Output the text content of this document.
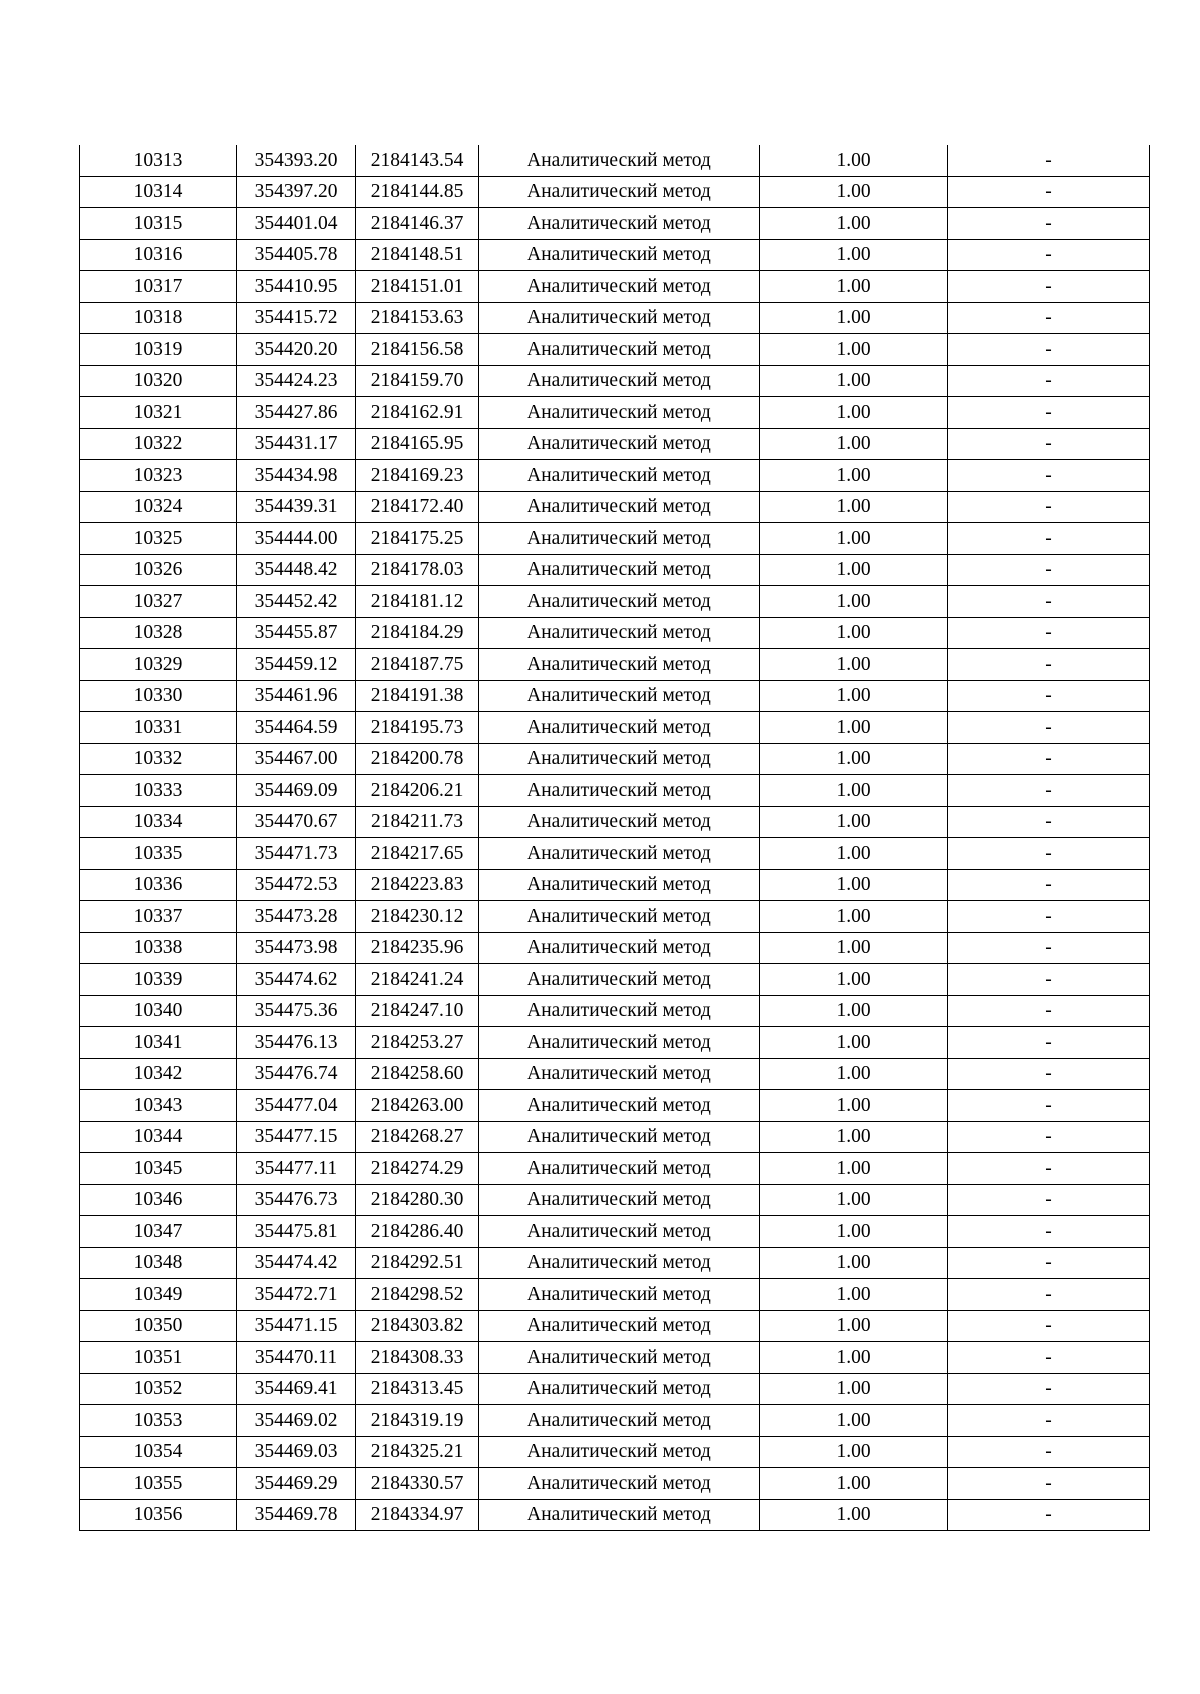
10313	354393.20	2184143.54	Аналитический метод	1.00	-
10314	354397.20	2184144.85	Аналитический метод	1.00	-
10315	354401.04	2184146.37	Аналитический метод	1.00	-
10316	354405.78	2184148.51	Аналитический метод	1.00	-
10317	354410.95	2184151.01	Аналитический метод	1.00	-
10318	354415.72	2184153.63	Аналитический метод	1.00	-
10319	354420.20	2184156.58	Аналитический метод	1.00	-
10320	354424.23	2184159.70	Аналитический метод	1.00	-
10321	354427.86	2184162.91	Аналитический метод	1.00	-
10322	354431.17	2184165.95	Аналитический метод	1.00	-
10323	354434.98	2184169.23	Аналитический метод	1.00	-
10324	354439.31	2184172.40	Аналитический метод	1.00	-
10325	354444.00	2184175.25	Аналитический метод	1.00	-
10326	354448.42	2184178.03	Аналитический метод	1.00	-
10327	354452.42	2184181.12	Аналитический метод	1.00	-
10328	354455.87	2184184.29	Аналитический метод	1.00	-
10329	354459.12	2184187.75	Аналитический метод	1.00	-
10330	354461.96	2184191.38	Аналитический метод	1.00	-
10331	354464.59	2184195.73	Аналитический метод	1.00	-
10332	354467.00	2184200.78	Аналитический метод	1.00	-
10333	354469.09	2184206.21	Аналитический метод	1.00	-
10334	354470.67	2184211.73	Аналитический метод	1.00	-
10335	354471.73	2184217.65	Аналитический метод	1.00	-
10336	354472.53	2184223.83	Аналитический метод	1.00	-
10337	354473.28	2184230.12	Аналитический метод	1.00	-
10338	354473.98	2184235.96	Аналитический метод	1.00	-
10339	354474.62	2184241.24	Аналитический метод	1.00	-
10340	354475.36	2184247.10	Аналитический метод	1.00	-
10341	354476.13	2184253.27	Аналитический метод	1.00	-
10342	354476.74	2184258.60	Аналитический метод	1.00	-
10343	354477.04	2184263.00	Аналитический метод	1.00	-
10344	354477.15	2184268.27	Аналитический метод	1.00	-
10345	354477.11	2184274.29	Аналитический метод	1.00	-
10346	354476.73	2184280.30	Аналитический метод	1.00	-
10347	354475.81	2184286.40	Аналитический метод	1.00	-
10348	354474.42	2184292.51	Аналитический метод	1.00	-
10349	354472.71	2184298.52	Аналитический метод	1.00	-
10350	354471.15	2184303.82	Аналитический метод	1.00	-
10351	354470.11	2184308.33	Аналитический метод	1.00	-
10352	354469.41	2184313.45	Аналитический метод	1.00	-
10353	354469.02	2184319.19	Аналитический метод	1.00	-
10354	354469.03	2184325.21	Аналитический метод	1.00	-
10355	354469.29	2184330.57	Аналитический метод	1.00	-
10356	354469.78	2184334.97	Аналитический метод	1.00	-
